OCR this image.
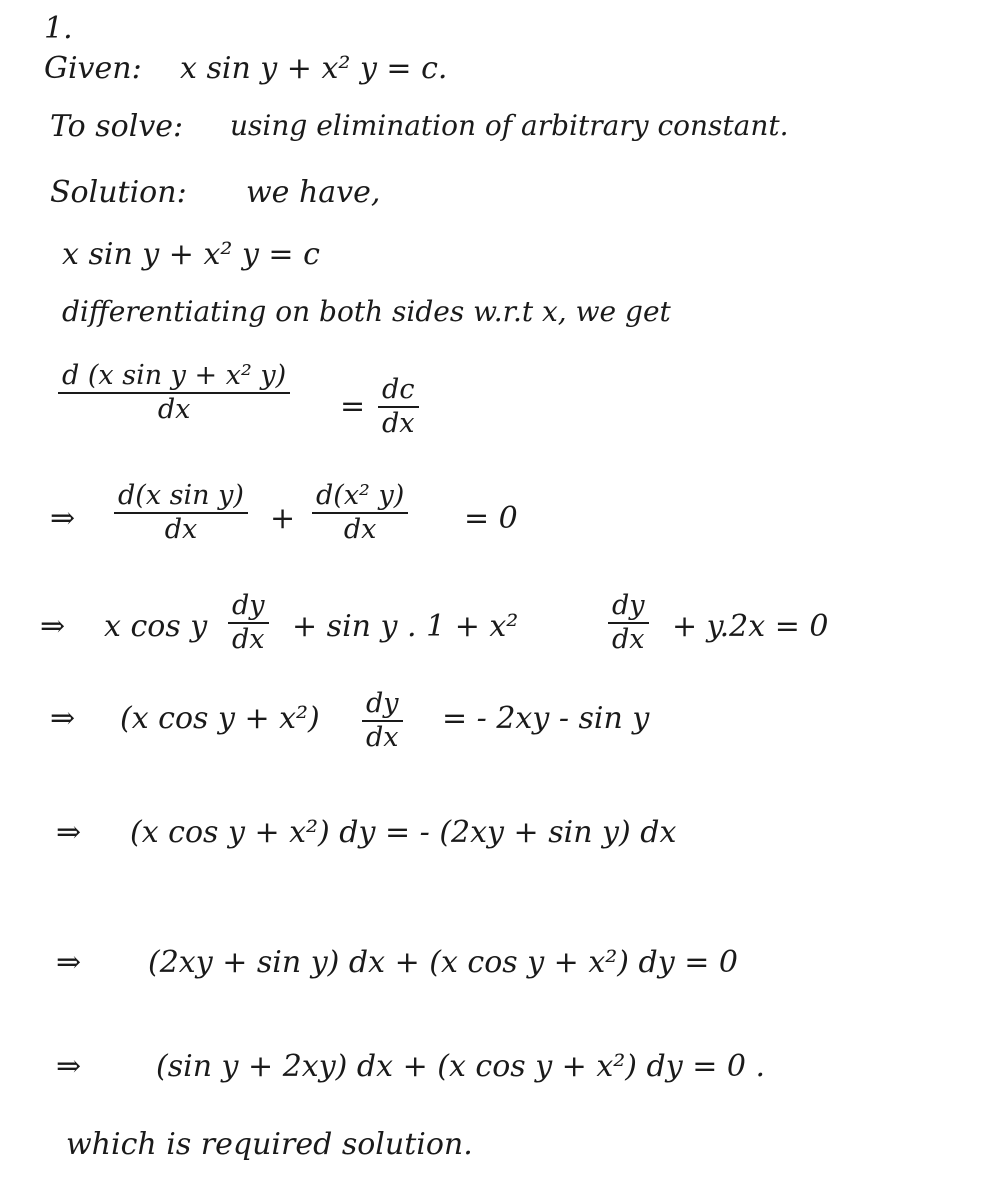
1.
Given: x sin y + x² y = c.
To solve: using elimination of arbitrary constant.
Solution: we have,
x sin y + x² y = c
differentiating on both sides w.r.t x, we get
d (x sin y + x² y)
dx	= dc
dx
⇒
d(x sin y)
dx +
d(x² y)
dx	= 0
⇒ x cos y
dy
dx + sin y . 1 + x²
dy
dx + y.2x = 0
⇒ (x cos y + x²) dy
dx
= - 2xy - sin y
⇒ (x cos y + x²) dy = - (2xy + sin y) dx
⇒ (2xy + sin y) dx + (x cos y + x²) dy = 0
⇒ (sin y + 2xy) dx + (x cos y + x²) dy = 0 .
which is required solution.
